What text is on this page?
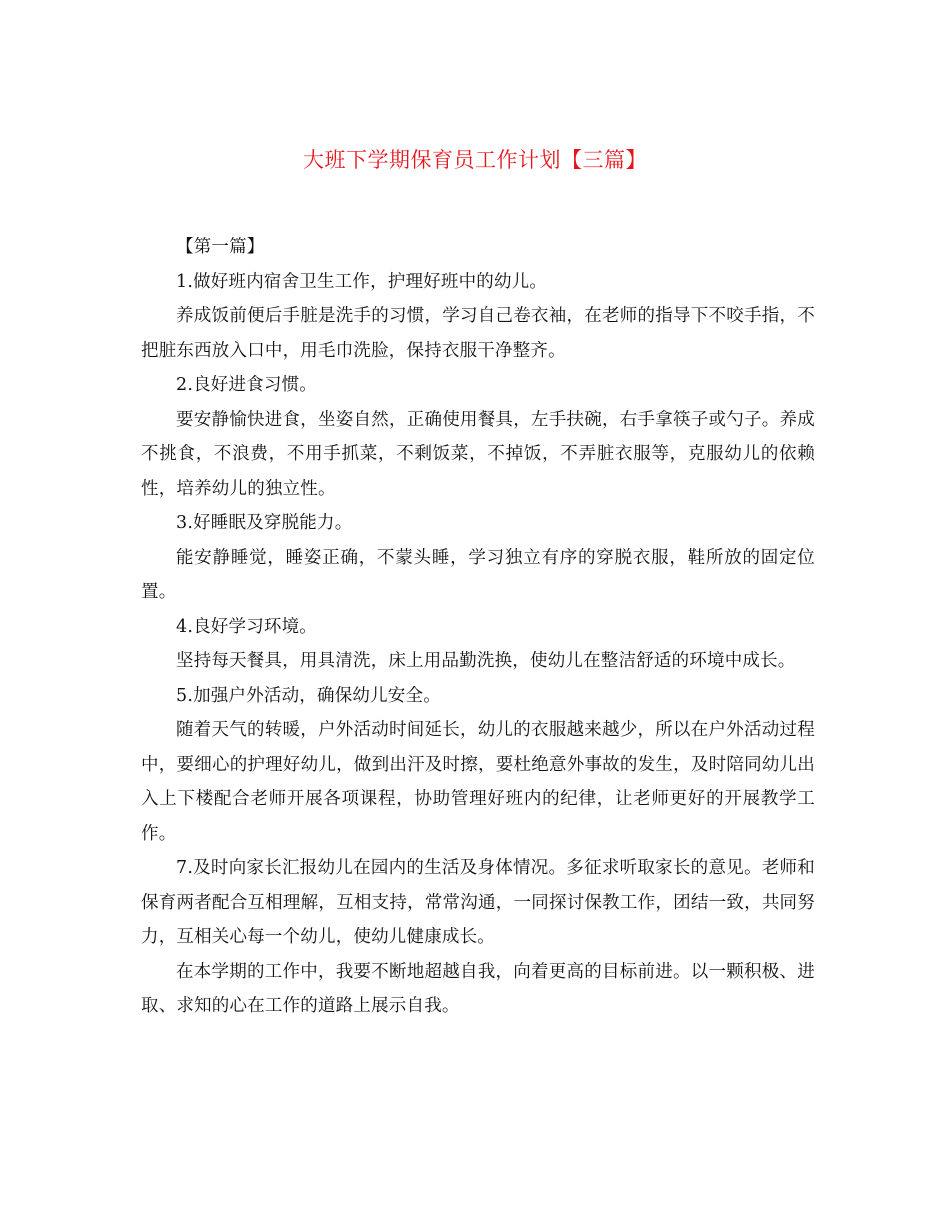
大班下学期保育员工作计划【三篇】

【第一篇】

1.做好班内宿舍卫生工作，护理好班中的幼儿。

养成饭前便后手脏是洗手的习惯，学习自己卷衣袖，在老师的指导下不咬手指，不把脏东西放入口中，用毛巾洗脸，保持衣服干净整齐。

2.良好进食习惯。

要安静愉快进食，坐姿自然，正确使用餐具，左手扶碗，右手拿筷子或勺子。养成不挑食，不浪费，不用手抓菜，不剩饭菜，不掉饭，不弄脏衣服等，克服幼儿的依赖性，培养幼儿的独立性。

3.好睡眠及穿脱能力。

能安静睡觉，睡姿正确，不蒙头睡，学习独立有序的穿脱衣服，鞋所放的固定位置。

4.良好学习环境。

坚持每天餐具，用具清洗，床上用品勤洗换，使幼儿在整洁舒适的环境中成长。

5.加强户外活动，确保幼儿安全。

随着天气的转暖，户外活动时间延长，幼儿的衣服越来越少，所以在户外活动过程中，要细心的护理好幼儿，做到出汗及时擦，要杜绝意外事故的发生，及时陪同幼儿出入上下楼配合老师开展各项课程，协助管理好班内的纪律，让老师更好的开展教学工作。

7.及时向家长汇报幼儿在园内的生活及身体情况。多征求听取家长的意见。老师和保育两者配合互相理解，互相支持，常常沟通，一同探讨保教工作，团结一致，共同努力，互相关心每一个幼儿，使幼儿健康成长。

在本学期的工作中，我要不断地超越自我，向着更高的目标前进。以一颗积极、进取、求知的心在工作的道路上展示自我。
